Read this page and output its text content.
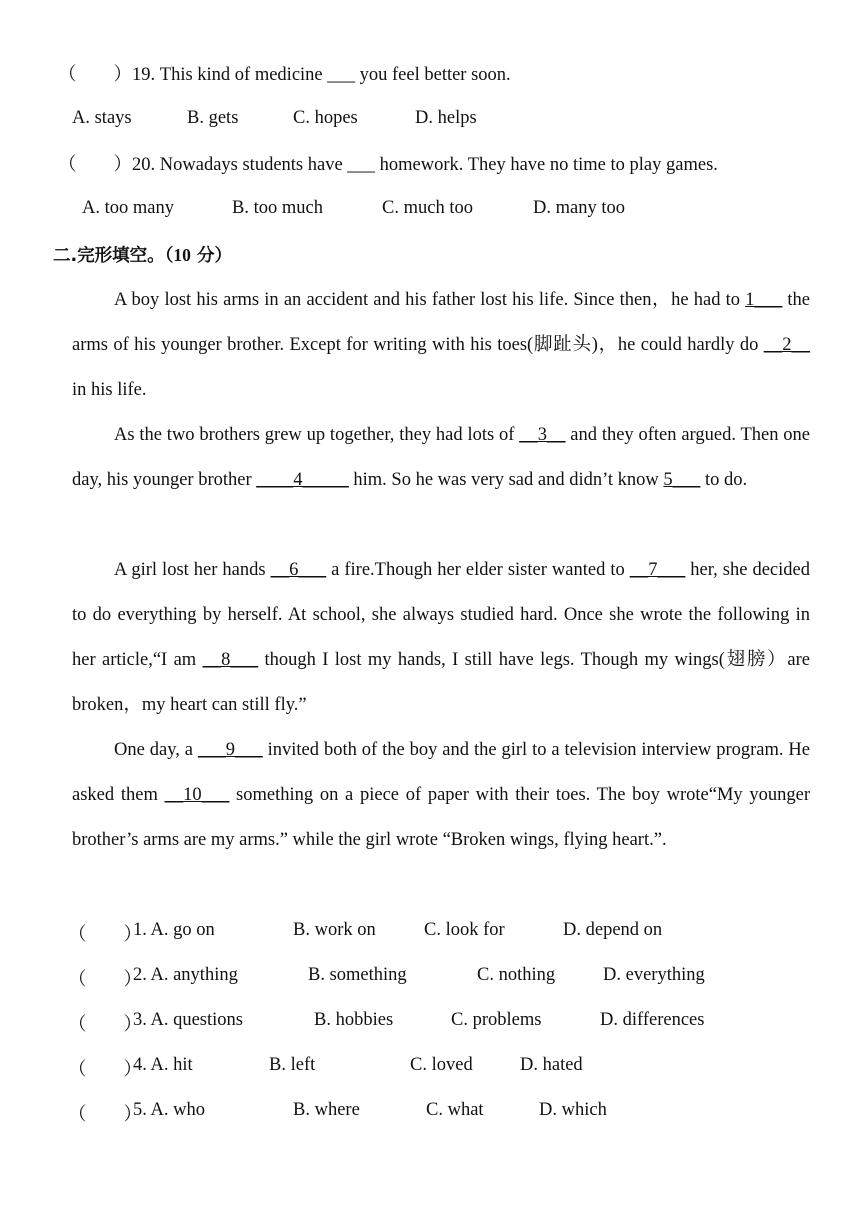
（　　）19. This kind of medicine ___ you feel better soon.
A. stays	B. gets	C. hopes	D. helps
（　　）20. Nowadays students have ___ homework. They have no time to play games.
A. too many	B. too much	C. much too	D. many too
二.完形填空。（10 分）
A boy lost his arms in an accident and his father lost his life. Since then，he had to 1___ the arms of his younger brother. Except for writing with his toes(脚趾头)，he could hardly do __2__ in his life.
As the two brothers grew up together, they had lots of __3__ and they often argued. Then one day, his younger brother ____4_____ him. So he was very sad and didn’t know 5___ to do.
A girl lost her hands __6___ a fire.Though her elder sister wanted to __7___ her, she decided to do everything by herself. At school, she always studied hard. Once she wrote the following in her article,“I am __8___ though I lost my hands, I still have legs. Though my wings(翅膀）are broken，my heart can still fly.”
One day, a ___9___ invited both of the boy and the girl to a television interview program. He asked them __10___ something on a piece of paper with their toes. The boy wrote“My younger brother’s arms are my arms.” while the girl wrote “Broken wings, flying heart.”.
（　　）
1. A. go on	B. work on	C. look for	D. depend on
（　　）
2. A. anything	B. something	C. nothing	D. everything
（　　）
3. A. questions	B. hobbies	C. problems	D. differences
（　　）
4. A. hit	B. left	C. loved	D. hated
（　　）
5. A. who	B. where	C. what	D. which
